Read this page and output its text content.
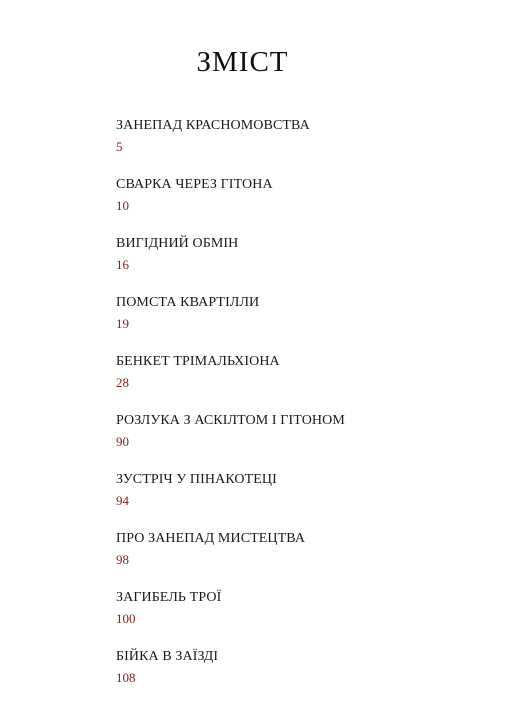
ЗМІСТ
ЗАНЕПАД КРАСНОМОВСТВА
5
СВАРКА ЧЕРЕЗ ГІТОНА
10
ВИГІДНИЙ ОБМІН
16
ПОМСТА КВАРТІЛЛИ
19
БЕНКЕТ ТРІМАЛЬХІОНА
28
РОЗЛУКА З АСКІЛТОМ І ГІТОНОМ
90
ЗУСТРІЧ У ПІНАКОТЕЦІ
94
ПРО ЗАНЕПАД МИСТЕЦТВА
98
ЗАГИБЕЛЬ ТРОЇ
100
БІЙКА В ЗАЇЗДІ
108
